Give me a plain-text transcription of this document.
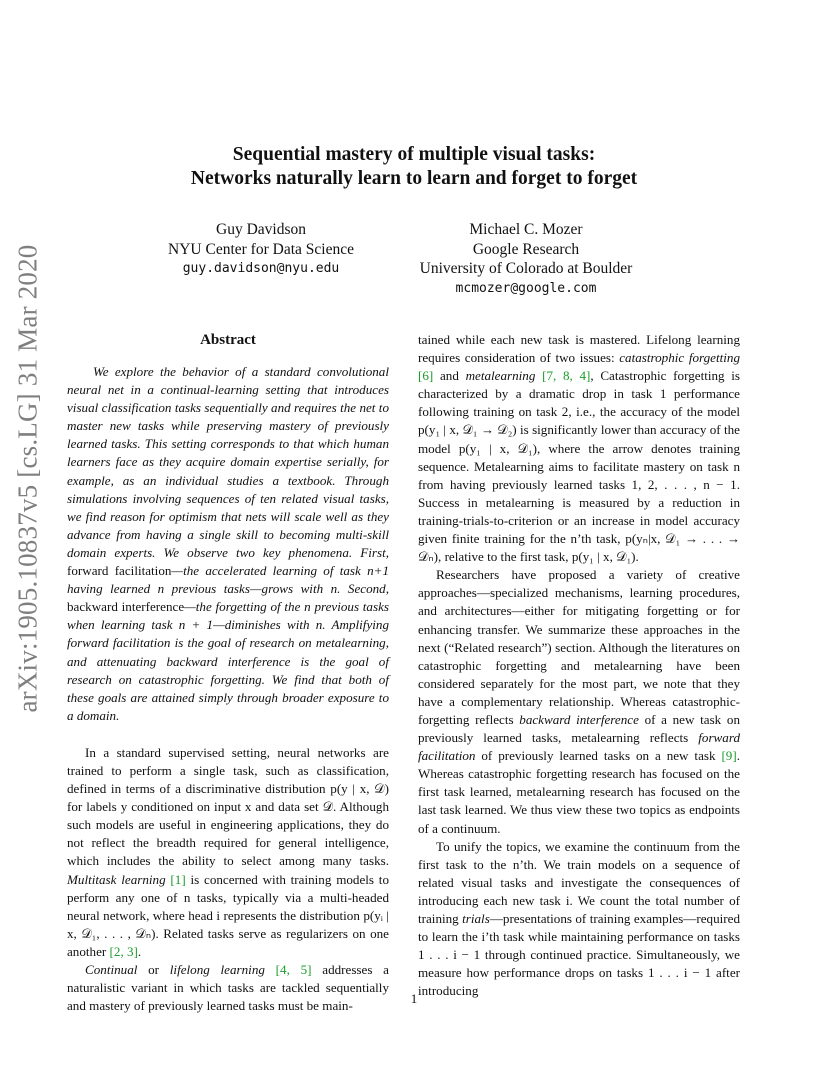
arXiv:1905.10837v5 [cs.LG] 31 Mar 2020
Sequential mastery of multiple visual tasks:
Networks naturally learn to learn and forget to forget
Guy Davidson
NYU Center for Data Science
guy.davidson@nyu.edu
Michael C. Mozer
Google Research
University of Colorado at Boulder
mcmozer@google.com
Abstract

We explore the behavior of a standard convolutional neural net in a continual-learning setting that introduces visual classification tasks sequentially and requires the net to master new tasks while preserving mastery of previously learned tasks. This setting corresponds to that which human learners face as they acquire domain expertise serially, for example, as an individual studies a textbook. Through simulations involving sequences of ten related visual tasks, we find reason for optimism that nets will scale well as they advance from having a single skill to becoming multi-skill domain experts. We observe two key phenomena. First, forward facilitation—the accelerated learning of task n+1 having learned n previous tasks—grows with n. Second, backward interference—the forgetting of the n previous tasks when learning task n + 1—diminishes with n. Amplifying forward facilitation is the goal of research on metalearning, and attenuating backward interference is the goal of research on catastrophic forgetting. We find that both of these goals are attained simply through broader exposure to a domain.

In a standard supervised setting, neural networks are trained to perform a single task, such as classification, defined in terms of a discriminative distribution p(y | x, 𝒟) for labels y conditioned on input x and data set 𝒟. Although such models are useful in engineering applications, they do not reflect the breadth required for general intelligence, which includes the ability to select among many tasks. Multitask learning [1] is concerned with training models to perform any one of n tasks, typically via a multi-headed neural network, where head i represents the distribution p(yᵢ | x, 𝒟₁, . . . , 𝒟ₙ). Related tasks serve as regularizers on one another [2, 3].

Continual or lifelong learning [4, 5] addresses a naturalistic variant in which tasks are tackled sequentially and mastery of previously learned tasks must be main-

tained while each new task is mastered. Lifelong learning requires consideration of two issues: catastrophic forgetting [6] and metalearning [7, 8, 4], Catastrophic forgetting is characterized by a dramatic drop in task 1 performance following training on task 2, i.e., the accuracy of the model p(y₁ | x, 𝒟₁ → 𝒟₂) is significantly lower than accuracy of the model p(y₁ | x, 𝒟₁), where the arrow denotes training sequence. Metalearning aims to facilitate mastery on task n from having previously learned tasks 1, 2, . . . , n − 1. Success in metalearning is measured by a reduction in training-trials-to-criterion or an increase in model accuracy given finite training for the n’th task, p(yₙ|x, 𝒟₁ → . . . → 𝒟ₙ), relative to the first task, p(y₁ | x, 𝒟₁).

Researchers have proposed a variety of creative approaches—specialized mechanisms, learning procedures, and architectures—either for mitigating forgetting or for enhancing transfer. We summarize these approaches in the next (“Related research”) section. Although the literatures on catastrophic forgetting and metalearning have been considered separately for the most part, we note that they have a complementary relationship. Whereas catastrophic-forgetting reflects backward interference of a new task on previously learned tasks, metalearning reflects forward facilitation of previously learned tasks on a new task [9]. Whereas catastrophic forgetting research has focused on the first task learned, metalearning research has focused on the last task learned. We thus view these two topics as endpoints of a continuum.

To unify the topics, we examine the continuum from the first task to the n’th. We train models on a sequence of related visual tasks and investigate the consequences of introducing each new task i. We count the total number of training trials—presentations of training examples—required to learn the i’th task while maintaining performance on tasks 1 . . . i − 1 through continued practice. Simultaneously, we measure how performance drops on tasks 1 . . . i − 1 after introducing

1
